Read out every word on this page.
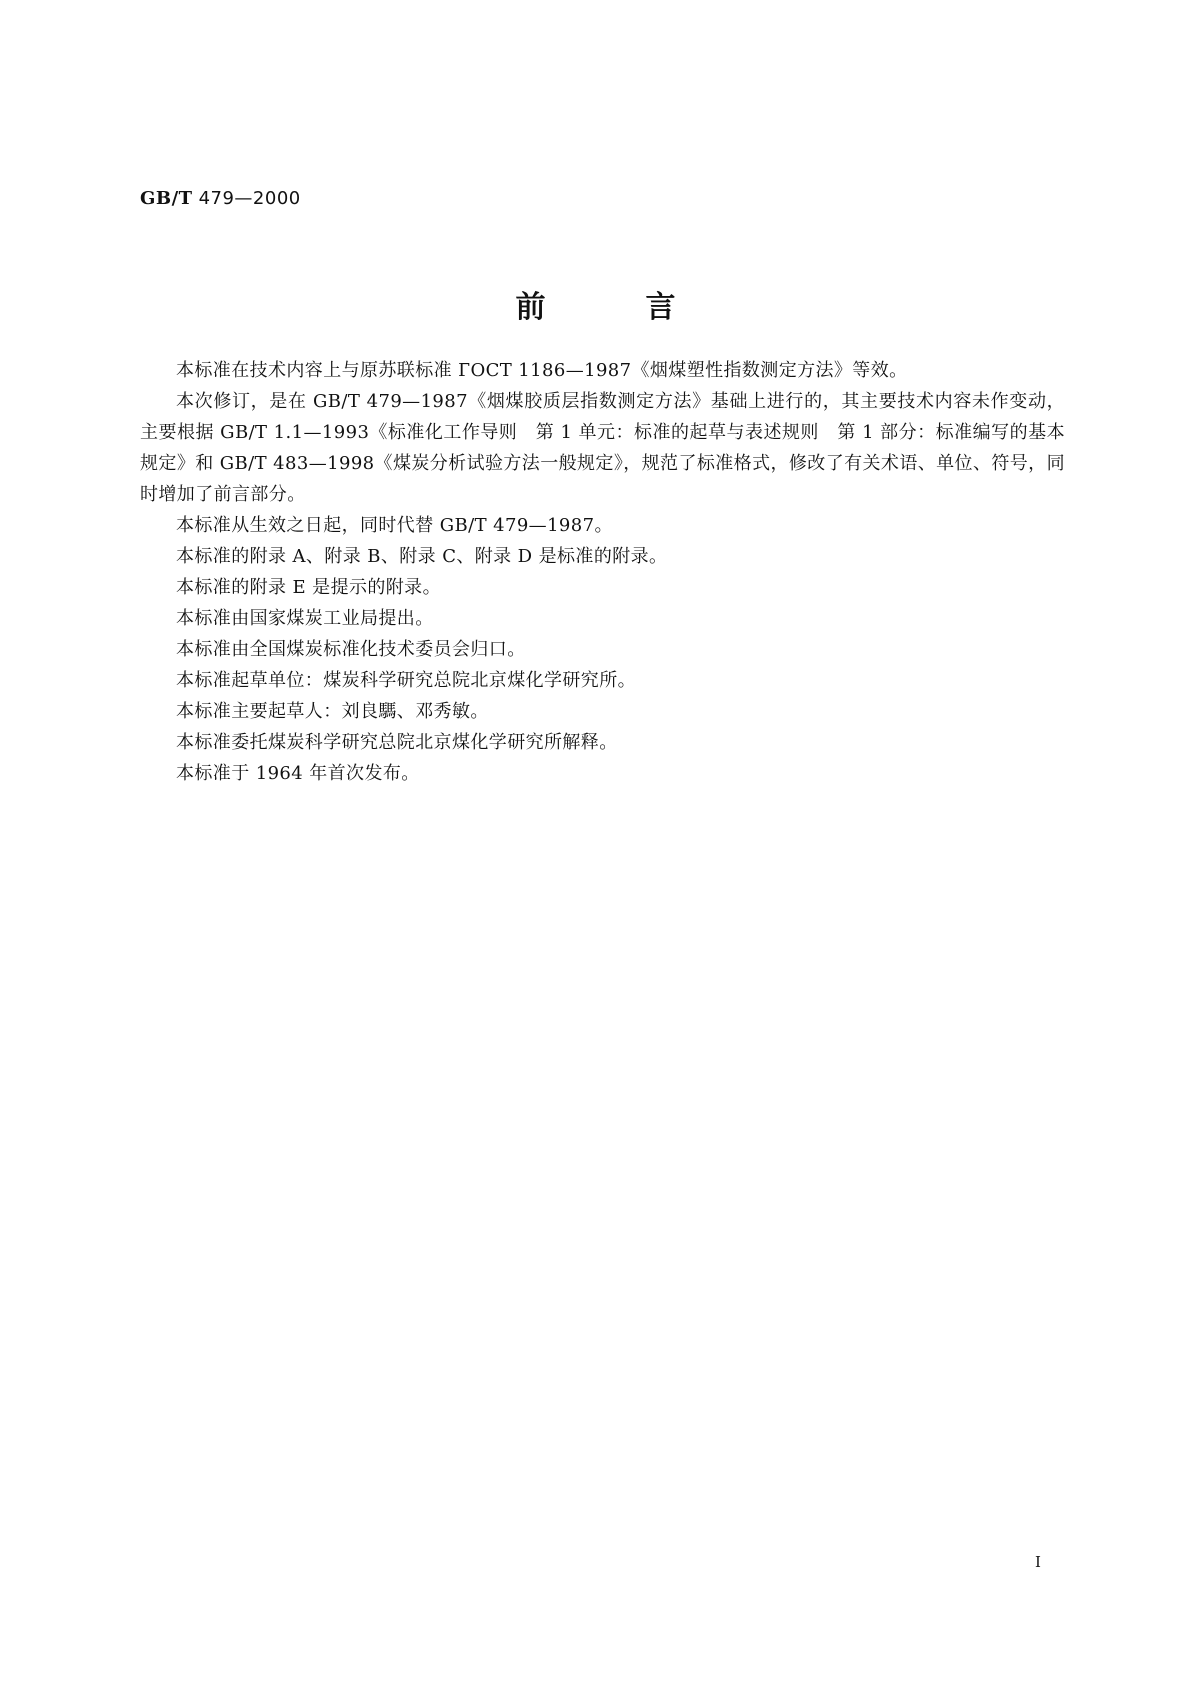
GB/T 479—2000
前	言

本标准在技术内容上与原苏联标准 ГОСТ 1186—1987《烟煤塑性指数测定方法》等效。

本次修订，是在 GB/T 479—1987《烟煤胶质层指数测定方法》基础上进行的，其主要技术内容未作变动，主要根据 GB/T 1.1—1993《标准化工作导则　第 1 单元：标准的起草与表述规则　第 1 部分：标准编写的基本规定》和 GB/T 483—1998《煤炭分析试验方法一般规定》，规范了标准格式，修改了有关术语、单位、符号，同时增加了前言部分。

本标准从生效之日起，同时代替 GB/T 479—1987。

本标准的附录 A、附录 B、附录 C、附录 D 是标准的附录。

本标准的附录 E 是提示的附录。

本标准由国家煤炭工业局提出。

本标准由全国煤炭标准化技术委员会归口。

本标准起草单位：煤炭科学研究总院北京煤化学研究所。

本标准主要起草人：刘良騳、邓秀敏。

本标准委托煤炭科学研究总院北京煤化学研究所解释。

本标准于 1964 年首次发布。

I
